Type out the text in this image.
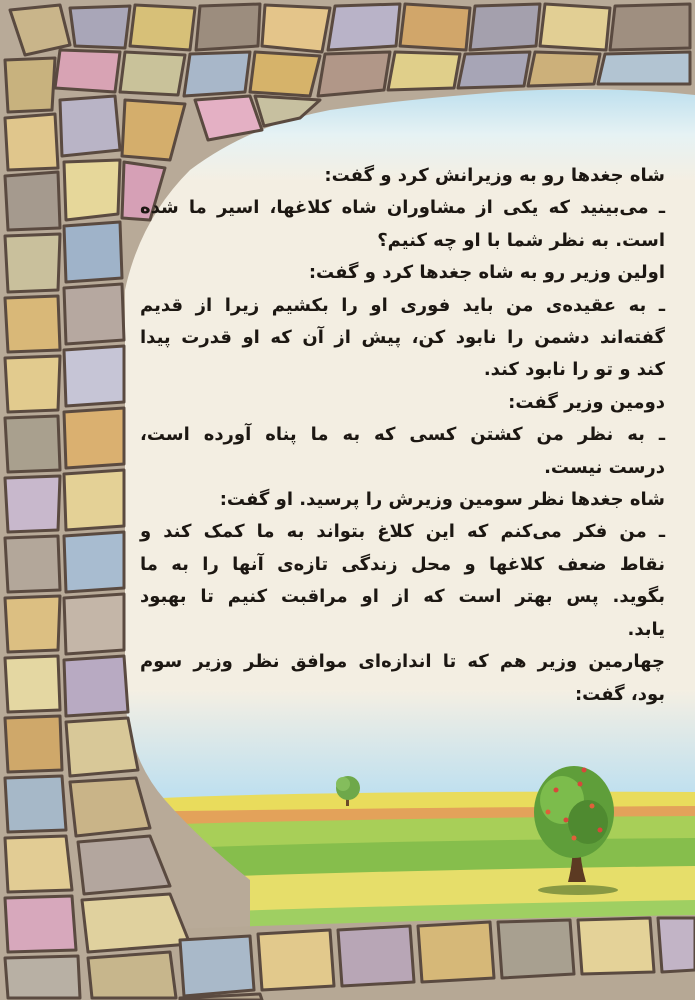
شاه جغدها رو به وزیرانش کرد و گفت:
ـ می‌بینید که یکی از مشاوران شاه کلاغها، اسیر ما شده
است. به نظر شما با او چه کنیم؟
اولین وزیر رو به شاه جغدها کرد و گفت:
ـ به عقیده‌ی من باید فوری او را بکشیم زیرا از قدیم
گفته‌اند دشمن را نابود کن، پیش از آن که او قدرت پیدا
کند و تو را نابود کند.
دومین وزیر گفت:
ـ به نظر من کشتن کسی که به ما پناه آورده است،
درست نیست.
شاه جغدها نظر سومین وزیرش را پرسید. او گفت:
ـ من فکر می‌کنم که این کلاغ بتواند به ما کمک کند و
نقاط ضعف کلاغها و محل زندگی تازه‌ی آنها را به ما
بگوید. پس بهتر است که از او مراقبت کنیم تا بهبود
یابد.
چهارمین وزیر هم که تا اندازه‌ای موافق نظر وزیر سوم
بود، گفت:
